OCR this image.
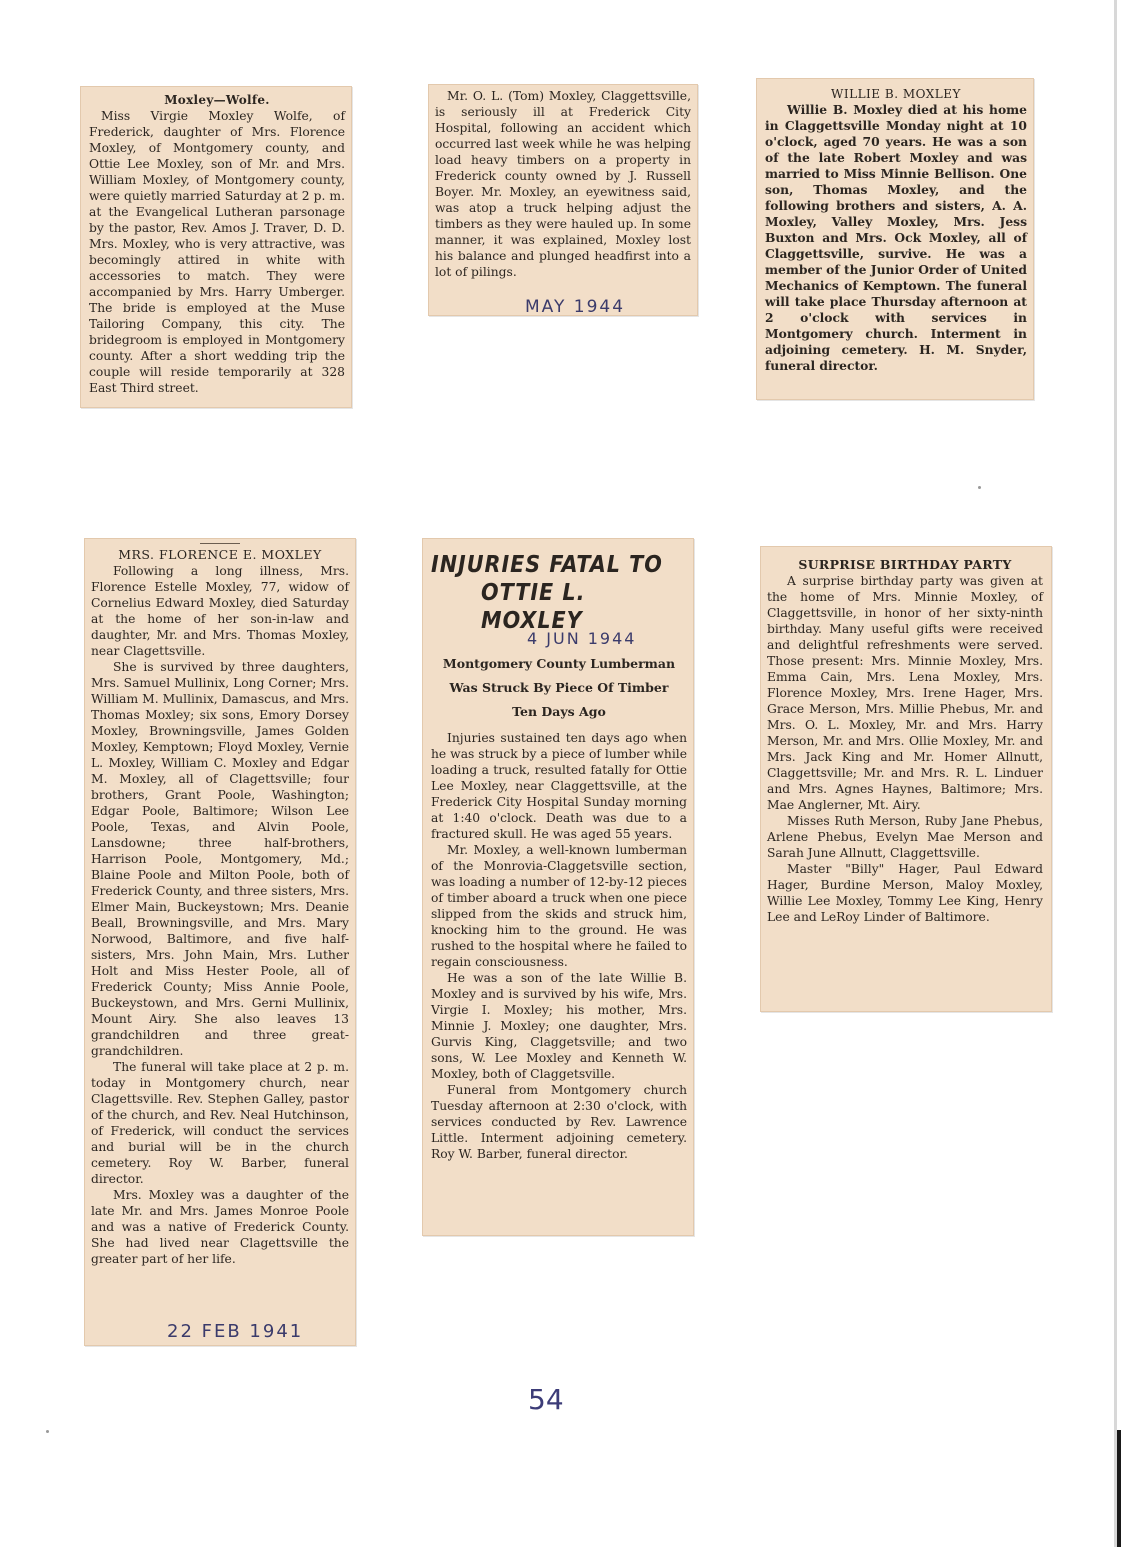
Moxley—Wolfe.

Miss Virgie Moxley Wolfe, of Frederick, daughter of Mrs. Florence Moxley, of Montgomery county, and Ottie Lee Moxley, son of Mr. and Mrs. William Moxley, of Montgomery county, were quietly married Saturday at 2 p. m. at the Evangelical Lutheran parsonage by the pastor, Rev. Amos J. Traver, D. D. Mrs. Moxley, who is very attractive, was becomingly attired in white with accessories to match. They were accompanied by Mrs. Harry Umberger. The bride is employed at the Muse Tailoring Company, this city. The bridegroom is employed in Montgomery county. After a short wedding trip the couple will reside temporarily at 328 East Third street.

Mr. O. L. (Tom) Moxley, Claggettsville, is seriously ill at Frederick City Hospital, following an accident which occurred last week while he was helping load heavy timbers on a property in Frederick county owned by J. Russell Boyer. Mr. Moxley, an eyewitness said, was atop a truck helping adjust the timbers as they were hauled up. In some manner, it was explained, Moxley lost his balance and plunged headfirst into a lot of pilings.

MAY 1944
WILLIE B. MOXLEY

Willie B. Moxley died at his home in Claggettsville Monday night at 10 o'clock, aged 70 years. He was a son of the late Robert Moxley and was married to Miss Minnie Bellison. One son, Thomas Moxley, and the following brothers and sisters, A. A. Moxley, Valley Moxley, Mrs. Jess Buxton and Mrs. Ock Moxley, all of Claggettsville, survive. He was a member of the Junior Order of United Mechanics of Kemptown. The funeral will take place Thursday afternoon at 2 o'clock with services in Montgomery church. Interment in adjoining cemetery. H. M. Snyder, funeral director.

MRS. FLORENCE E. MOXLEY

Following a long illness, Mrs. Florence Estelle Moxley, 77, widow of Cornelius Edward Moxley, died Saturday at the home of her son-in-law and daughter, Mr. and Mrs. Thomas Moxley, near Clagettsville.

She is survived by three daughters, Mrs. Samuel Mullinix, Long Corner; Mrs. William M. Mullinix, Damascus, and Mrs. Thomas Moxley; six sons, Emory Dorsey Moxley, Browningsville, James Golden Moxley, Kemptown; Floyd Moxley, Vernie L. Moxley, William C. Moxley and Edgar M. Moxley, all of Clagettsville; four brothers, Grant Poole, Washington; Edgar Poole, Baltimore; Wilson Lee Poole, Texas, and Alvin Poole, Lansdowne; three half-brothers, Harrison Poole, Montgomery, Md.; Blaine Poole and Milton Poole, both of Frederick County, and three sisters, Mrs. Elmer Main, Buckeystown; Mrs. Deanie Beall, Browningsville, and Mrs. Mary Norwood, Baltimore, and five half-sisters, Mrs. John Main, Mrs. Luther Holt and Miss Hester Poole, all of Frederick County; Miss Annie Poole, Buckeystown, and Mrs. Gerni Mullinix, Mount Airy. She also leaves 13 grandchildren and three great-grandchildren.

The funeral will take place at 2 p. m. today in Montgomery church, near Clagettsville. Rev. Stephen Galley, pastor of the church, and Rev. Neal Hutchinson, of Frederick, will conduct the services and burial will be in the church cemetery. Roy W. Barber, funeral director.

Mrs. Moxley was a daughter of the late Mr. and Mrs. James Monroe Poole and was a native of Frederick County. She had lived near Clagettsville the greater part of her life.

22 FEB 1941

INJURIES FATAL TO

OTTIE L. MOXLEY

4 JUN 1944
Montgomery County Lumberman Was Struck By Piece Of Timber Ten Days Ago

Injuries sustained ten days ago when he was struck by a piece of lumber while loading a truck, resulted fatally for Ottie Lee Moxley, near Claggettsville, at the Frederick City Hospital Sunday morning at 1:40 o'clock. Death was due to a fractured skull. He was aged 55 years.

Mr. Moxley, a well-known lumberman of the Monrovia-Claggetsville section, was loading a number of 12-by-12 pieces of timber aboard a truck when one piece slipped from the skids and struck him, knocking him to the ground. He was rushed to the hospital where he failed to regain consciousness.

He was a son of the late Willie B. Moxley and is survived by his wife, Mrs. Virgie I. Moxley; his mother, Mrs. Minnie J. Moxley; one daughter, Mrs. Gurvis King, Claggetsville; and two sons, W. Lee Moxley and Kenneth W. Moxley, both of Claggetsville.

Funeral from Montgomery church Tuesday afternoon at 2:30 o'clock, with services conducted by Rev. Lawrence Little. Interment adjoining cemetery. Roy W. Barber, funeral director.

SURPRISE BIRTHDAY PARTY

A surprise birthday party was given at the home of Mrs. Minnie Moxley, of Claggettsville, in honor of her sixty-ninth birthday. Many useful gifts were received and delightful refreshments were served. Those present: Mrs. Minnie Moxley, Mrs. Emma Cain, Mrs. Lena Moxley, Mrs. Florence Moxley, Mrs. Irene Hager, Mrs. Grace Merson, Mrs. Millie Phebus, Mr. and Mrs. O. L. Moxley, Mr. and Mrs. Harry Merson, Mr. and Mrs. Ollie Moxley, Mr. and Mrs. Jack King and Mr. Homer Allnutt, Claggettsville; Mr. and Mrs. R. L. Linduer and Mrs. Agnes Haynes, Baltimore; Mrs. Mae Anglerner, Mt. Airy.

Misses Ruth Merson, Ruby Jane Phebus, Arlene Phebus, Evelyn Mae Merson and Sarah June Allnutt, Claggettsville.

Master "Billy" Hager, Paul Edward Hager, Burdine Merson, Maloy Moxley, Willie Lee Moxley, Tommy Lee King, Henry Lee and LeRoy Linder of Baltimore.

54
